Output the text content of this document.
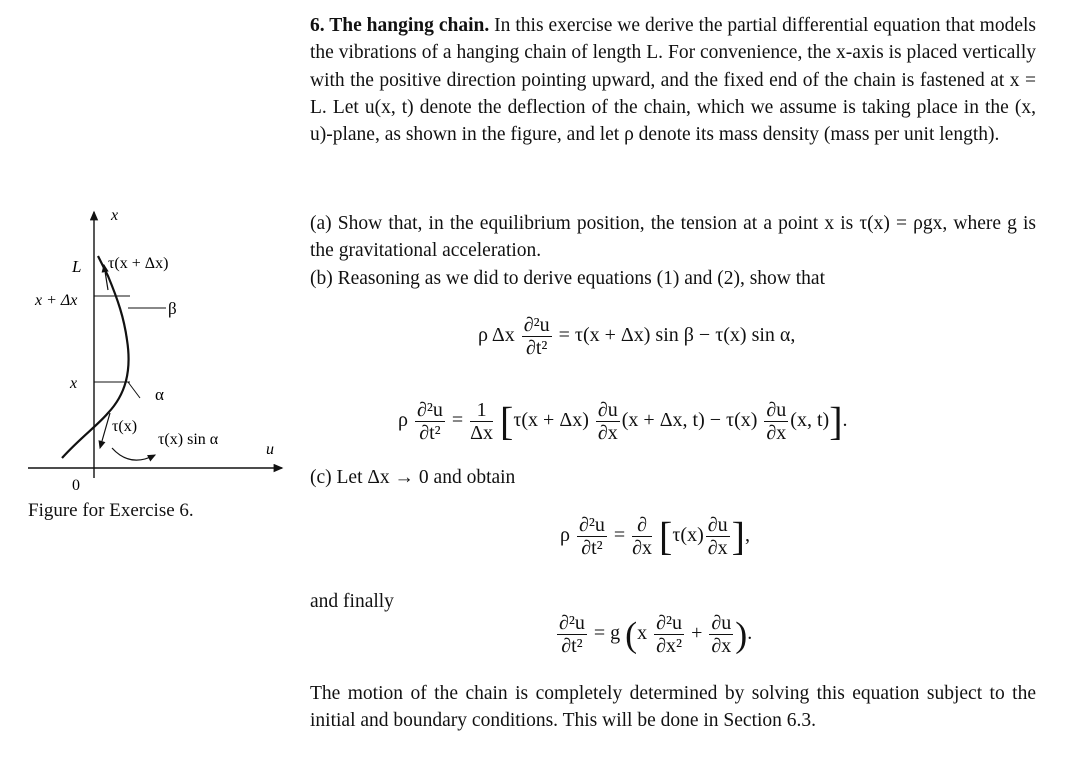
x
u
0
L
x + Δx
x
τ(x + Δx)
β
α
τ(x)
τ(x) sin α
Figure for Exercise 6.
6. The hanging chain. In this exercise we derive the partial differential equation that models the vibrations of a hanging chain of length L. For convenience, the x-axis is placed vertically with the positive direction pointing upward, and the fixed end of the chain is fastened at x = L. Let u(x, t) denote the deflection of the chain, which we assume is taking place in the (x, u)-plane, as shown in the figure, and let ρ denote its mass density (mass per unit length).
(a) Show that, in the equilibrium position, the tension at a point x is τ(x) = ρgx, where g is the gravitational acceleration.
(b) Reasoning as we did to derive equations (1) and (2), show that
ρ Δx $\frac{\text{∂²u}}{\text{∂t²}} = \tau(x + \Delta x)$ sin β − τ(x) sin α,
ρ $\frac{\text{∂²u}}{\text{∂t²}} = \frac{1}{\Delta x} [\tau(x + \Delta x) \frac{\partial u}{\partial x} (x + \Delta x$, $t) - \tau(x) \frac{\partial u}{\partial x} (x$, t)].
(c) Let Δx → 0 and obtain
ρ $\frac{\text{∂²u}}{\text{∂t²}} = \frac{\partial}{\partial x} [\tau(x) \frac{\partial u}{\partial x}$ ],
and finally
$\frac{\text{∂²u}}{\text{∂t²}} = g$ ($x \frac{\text{∂²u}}{\text{∂x²}} + \frac{\partial u}{\partial x}$ ).
The motion of the chain is completely determined by solving this equation subject to the initial and boundary conditions. This will be done in Section 6.3.
